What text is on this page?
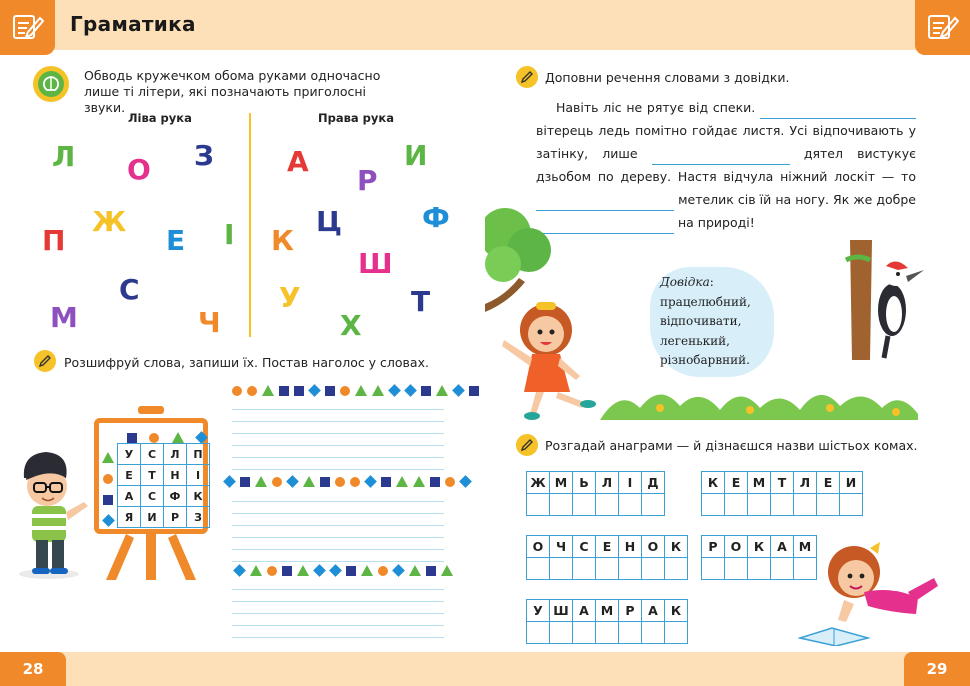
Граматика
28	29
Обводь кружечком обома руками одночасно лише ті літери, які позначають приголосні звуки.
Ліва рука	Права рука
Л	З
О
Ж
Е І
П
С
М	Ч
А	И
Р
Ц	Ф
К
Ш
У	Т
Х
Розшифруй слова, запиши їх. Постав наголос у словах.
У	С	Л	П
Е	Т	Н	І
А	С	Ф	К
Я	И	Р	З
Доповни речення словами з довідки.
Навіть ліс не рятує від спеки.  вітерець ледь помітно гойдає листя. Усі відпочивають у затінку, лише	дятел вистукує дзьобом по дереву. Настя відчула ніжний лоскіт — то  метелик сів їй на ногу. Як же добре  на природі!
Довідка:
працелюбний,
відпочивати,
легенький,
різнобарвний.
Розгадай анаграми — й дізнаєшся назви шістьох комах.
Ж	М	Ь	Л	І	Д
						К	Е	М	Т	Л	Е	И

О	Ч	С	Е	Н	О	К
						Р	О	К	А	М

У	Ш	А	М	Р	А	К
